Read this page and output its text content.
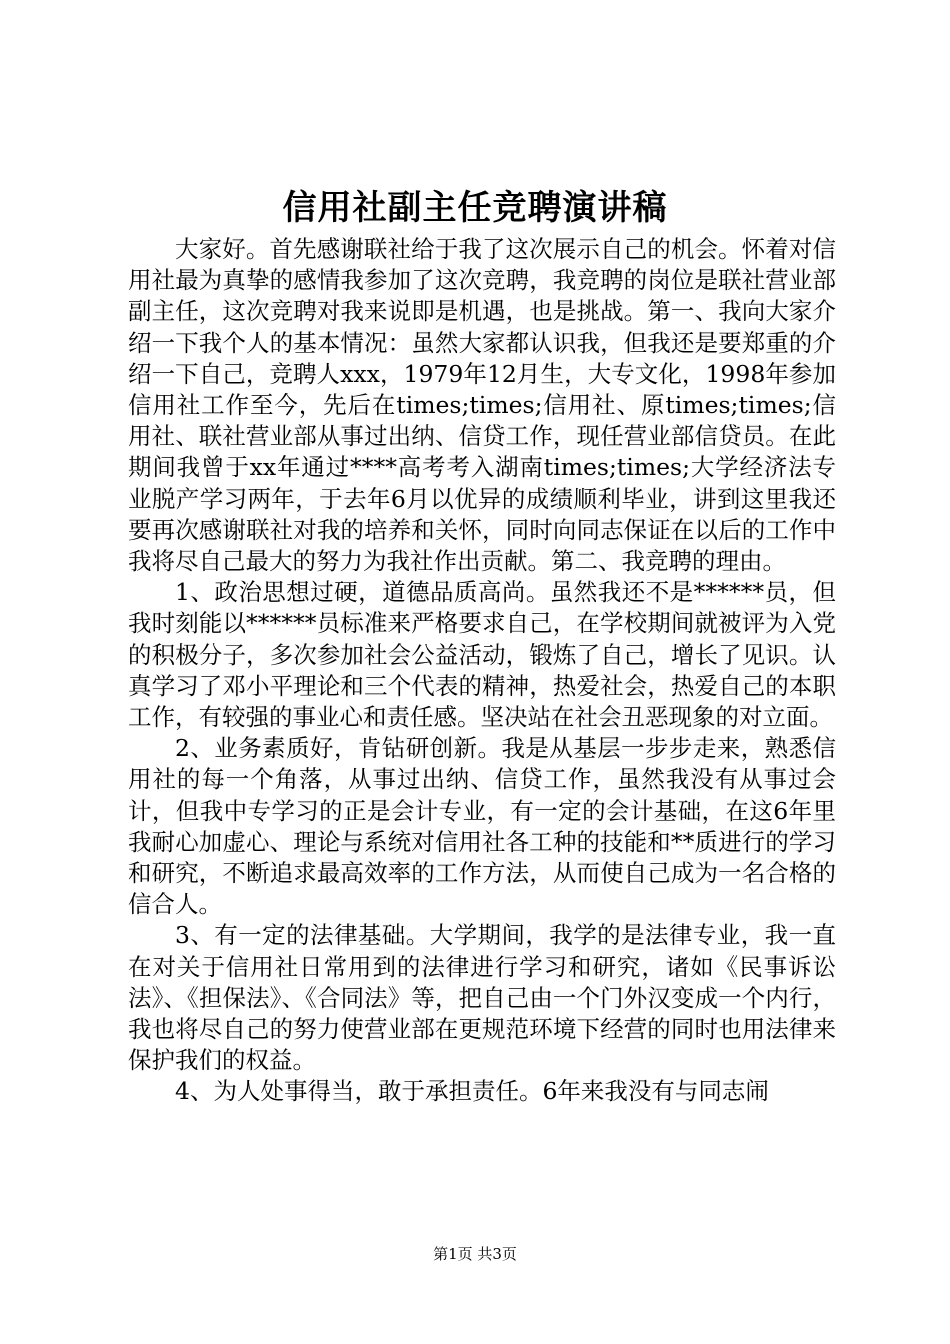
信用社副主任竞聘演讲稿

大家好。首先感谢联社给于我了这次展示自己的机会。怀着对信用社最为真挚的感情我参加了这次竞聘，我竞聘的岗位是联社营业部副主任，这次竞聘对我来说即是机遇，也是挑战。第一、我向大家介绍一下我个人的基本情况：虽然大家都认识我，但我还是要郑重的介绍一下自己，竞聘人xxx，1979年12月生，大专文化，1998年参加信用社工作至今，先后在times;times;信用社、原times;times;信用社、联社营业部从事过出纳、信贷工作，现任营业部信贷员。在此期间我曾于xx年通过****高考考入湖南times;times;大学经济法专业脱产学习两年，于去年6月以优异的成绩顺利毕业，讲到这里我还要再次感谢联社对我的培养和关怀，同时向同志保证在以后的工作中我将尽自己最大的努力为我社作出贡献。第二、我竞聘的理由。

1、政治思想过硬，道德品质高尚。虽然我还不是******员，但我时刻能以******员标准来严格要求自己，在学校期间就被评为入党的积极分子，多次参加社会公益活动，锻炼了自己，增长了见识。认真学习了邓小平理论和三个代表的精神，热爱社会，热爱自己的本职工作，有较强的事业心和责任感。坚决站在社会丑恶现象的对立面。

2、业务素质好，肯钻研创新。我是从基层一步步走来，熟悉信用社的每一个角落，从事过出纳、信贷工作，虽然我没有从事过会计，但我中专学习的正是会计专业，有一定的会计基础，在这6年里我耐心加虚心、理论与系统对信用社各工种的技能和**质进行的学习和研究，不断追求最高效率的工作方法，从而使自己成为一名合格的信合人。

3、有一定的法律基础。大学期间，我学的是法律专业，我一直在对关于信用社日常用到的法律进行学习和研究，诸如《民事诉讼法》、《担保法》、《合同法》等，把自己由一个门外汉变成一个内行，我也将尽自己的努力使营业部在更规范环境下经营的同时也用法律来保护我们的权益。

4、为人处事得当，敢于承担责任。6年来我没有与同志闹

第1页 共3页
